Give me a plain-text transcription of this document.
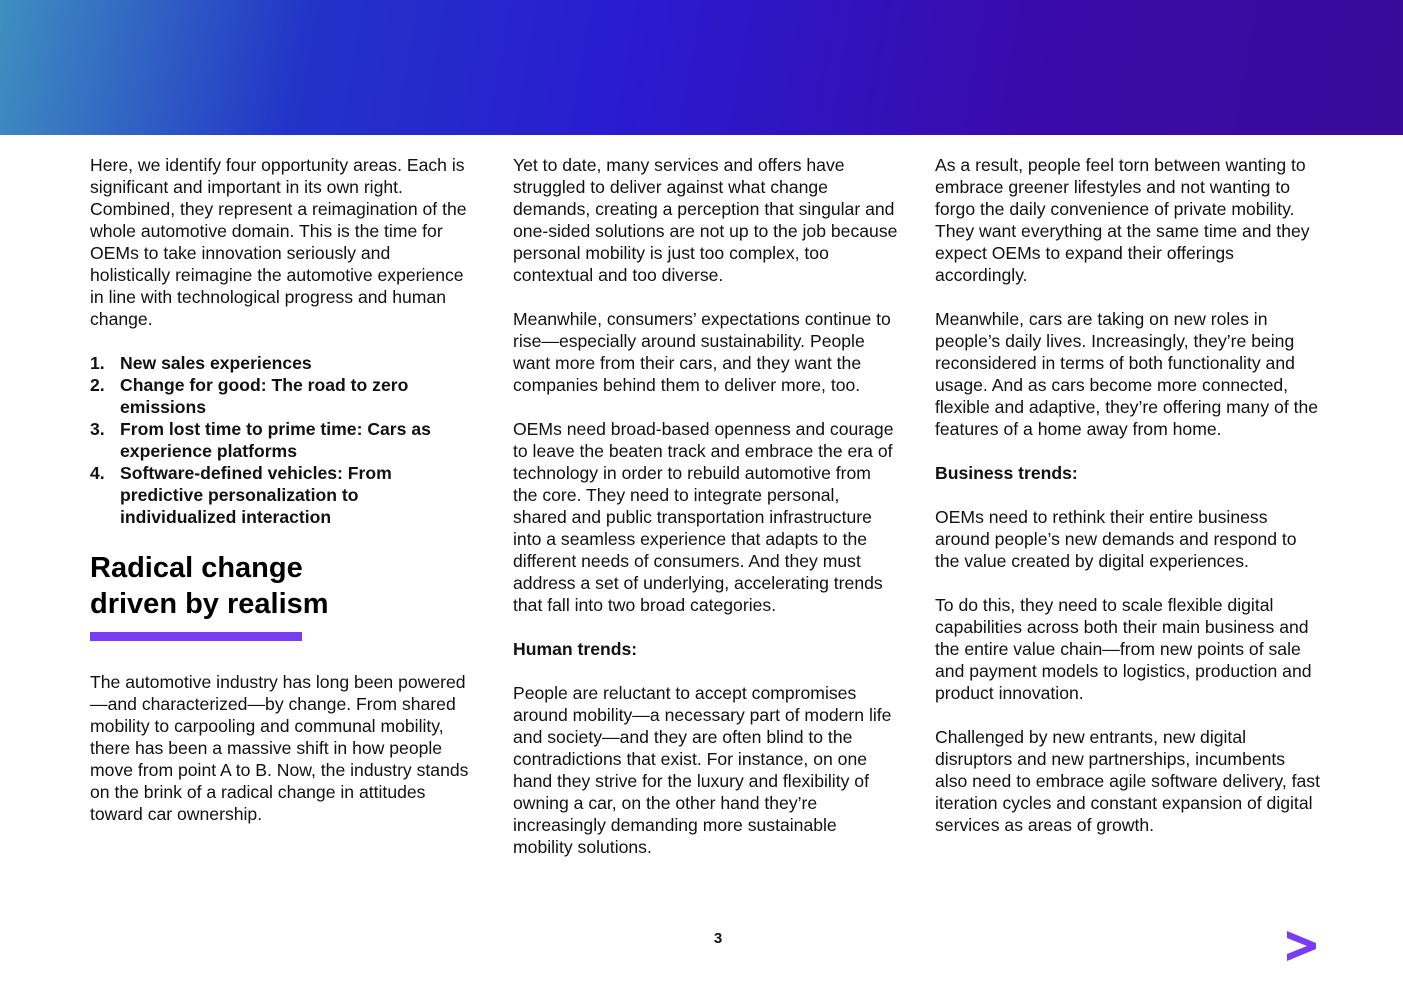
Here, we identify four opportunity areas. Each is significant and important in its own right. Combined, they represent a reimagination of the whole automotive domain. This is the time for OEMs to take innovation seriously and holistically reimagine the automotive experience in line with technological progress and human change.

1. New sales experiences
2. Change for good: The road to zero emissions
3. From lost time to prime time: Cars as experience platforms
4. Software-defined vehicles: From predictive personalization to individualized interaction
Radical change
driven by realism

The automotive industry has long been powered—and characterized—by change. From shared mobility to carpooling and communal mobility, there has been a massive shift in how people move from point A to B. Now, the industry stands on the brink of a radical change in attitudes toward car ownership.

Yet to date, many services and offers have struggled to deliver against what change demands, creating a perception that singular and one-sided solutions are not up to the job because personal mobility is just too complex, too contextual and too diverse.

Meanwhile, consumers’ expectations continue to rise—especially around sustainability. People want more from their cars, and they want the companies behind them to deliver more, too.

OEMs need broad-based openness and courage to leave the beaten track and embrace the era of technology in order to rebuild automotive from the core. They need to integrate personal, shared and public transportation infrastructure into a seamless experience that adapts to the different needs of consumers. And they must address a set of underlying, accelerating trends that fall into two broad categories.

Human trends:

People are reluctant to accept compromises around mobility—a necessary part of modern life and society—and they are often blind to the contradictions that exist. For instance, on one hand they strive for the luxury and flexibility of owning a car, on the other hand they’re increasingly demanding more sustainable mobility solutions.

As a result, people feel torn between wanting to embrace greener lifestyles and not wanting to forgo the daily convenience of private mobility. They want everything at the same time and they expect OEMs to expand their offerings accordingly.

Meanwhile, cars are taking on new roles in people’s daily lives. Increasingly, they’re being reconsidered in terms of both functionality and usage. And as cars become more connected, flexible and adaptive, they’re offering many of the features of a home away from home.

Business trends:

OEMs need to rethink their entire business around people’s new demands and respond to the value created by digital experiences.

To do this, they need to scale flexible digital capabilities across both their main business and the entire value chain—from new points of sale and payment models to logistics, production and product innovation.

Challenged by new entrants, new digital disruptors and new partnerships, incumbents also need to embrace agile software delivery, fast iteration cycles and constant expansion of digital services as areas of growth.

3
